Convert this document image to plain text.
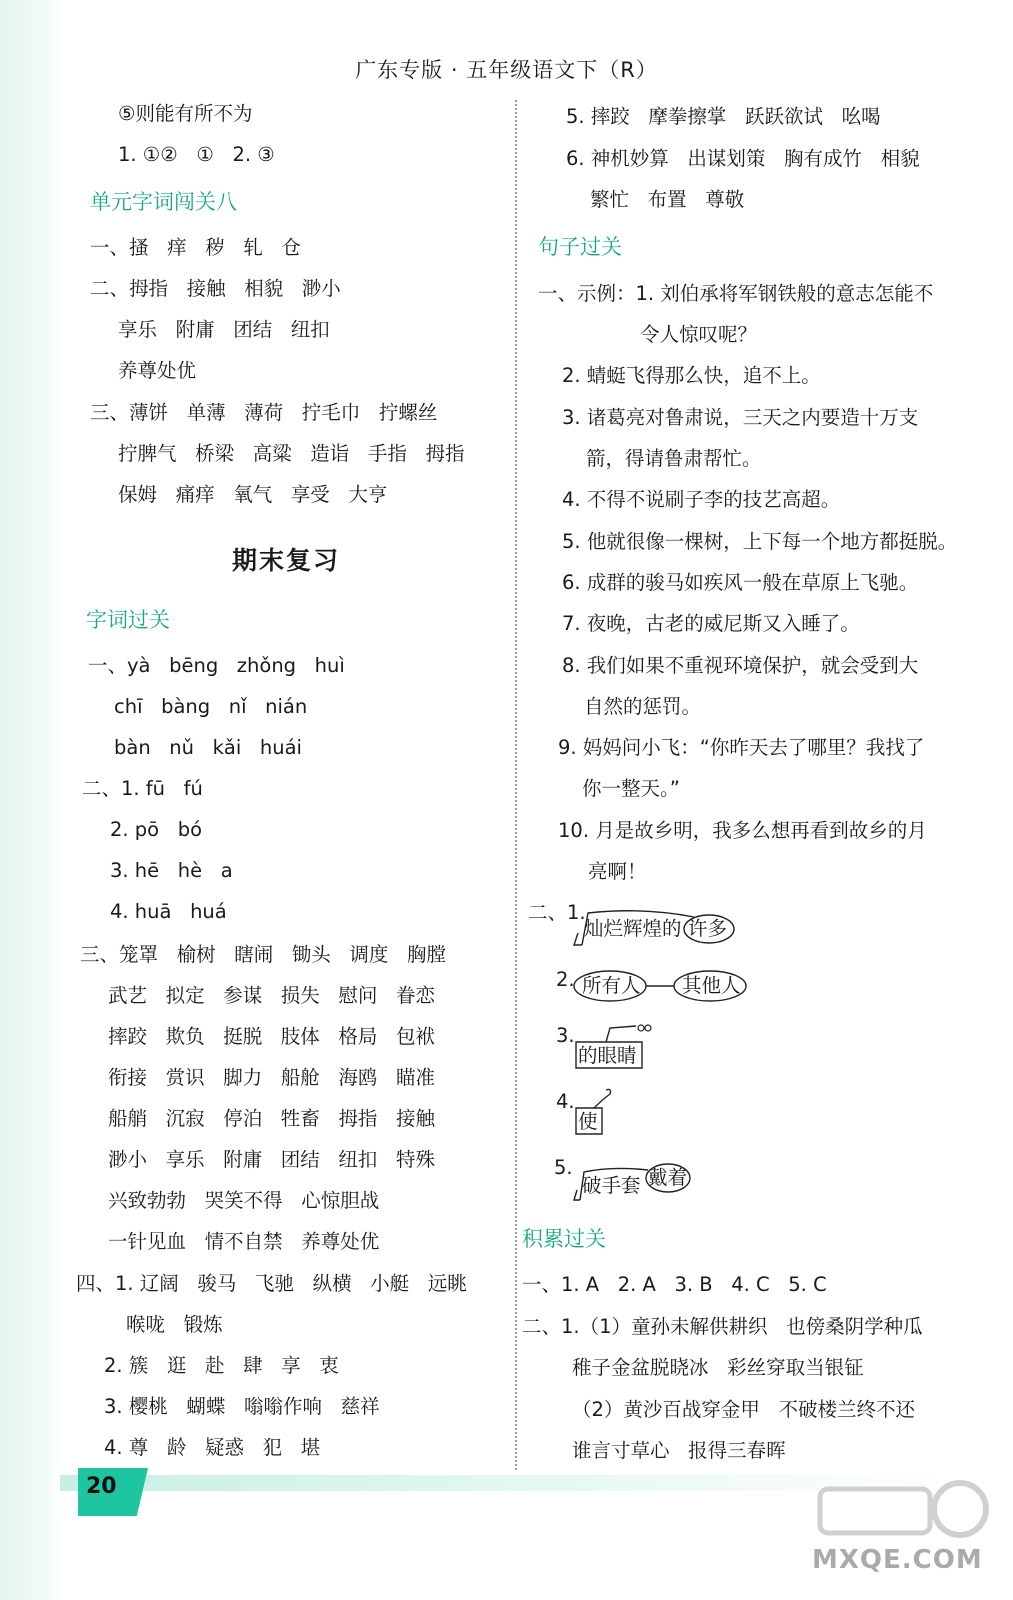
广东专版 · 五年级语文下（R）
⑤则能有所不为
1. ①②   ①   2. ③
单元字词闯关八
一、搔   痒   秽   轧   仓
二、拇指   接触   相貌   渺小
享乐   附庸   团结   纽扣
养尊处优
三、薄饼   单薄   薄荷   拧毛巾   拧螺丝
拧脾气   桥梁   高粱   造诣   手指   拇指
保姆   痛痒   氧气   享受   大亨
期末复习
字词过关
一、yà   bēng   zhǒng   huì
chī   bàng   nǐ   nián
bàn   nǔ   kǎi   huái
二、1. fū   fú
2. pō   bó
3. hē   hè   a
4. huā   huá
三、笼罩   榆树   瞎闹   锄头   调度   胸膛
武艺   拟定   参谋   损失   慰问   眷恋
摔跤   欺负   挺脱   肢体   格局   包袱
衔接   赏识   脚力   船舱   海鸥   瞄准
船艄   沉寂   停泊   牲畜   拇指   接触
渺小   享乐   附庸   团结   纽扣   特殊
兴致勃勃   哭笑不得   心惊胆战
一针见血   情不自禁   养尊处优
四、1. 辽阔   骏马   飞驰   纵横   小艇   远眺
喉咙   锻炼
2. 簇   逛   赴   肆   享   衷
3. 樱桃   蝴蝶   嗡嗡作响   慈祥
4. 尊   龄   疑惑   犯   堪
5. 摔跤   摩拳擦掌   跃跃欲试   吆喝
6. 神机妙算   出谋划策   胸有成竹   相貌
繁忙   布置   尊敬
句子过关
一、示例：1. 刘伯承将军钢铁般的意志怎能不
令人惊叹呢？
2. 蜻蜓飞得那么快，追不上。
3. 诸葛亮对鲁肃说，三天之内要造十万支
箭，得请鲁肃帮忙。
4. 不得不说刷子李的技艺高超。
5. 他就很像一棵树，上下每一个地方都挺脱。
6. 成群的骏马如疾风一般在草原上飞驰。
7. 夜晚，古老的威尼斯又入睡了。
8. 我们如果不重视环境保护，就会受到大
自然的惩罚。
9. 妈妈问小飞：“你昨天去了哪里？我找了
你一整天。”
10. 月是故乡明，我多么想再看到故乡的月
亮啊！
二、1.
2.
3.
4.
5.
积累过关
一、1. A   2. A   3. B   4. C   5. C
二、1.（1）童孙未解供耕织   也傍桑阴学种瓜
稚子金盆脱晓冰   彩丝穿取当银钲
（2）黄沙百战穿金甲   不破楼兰终不还
谁言寸草心   报得三春晖
灿烂辉煌的 许多
所有人 其他人
的眼睛
使
破手套 戴着
20
MXQE.COM
